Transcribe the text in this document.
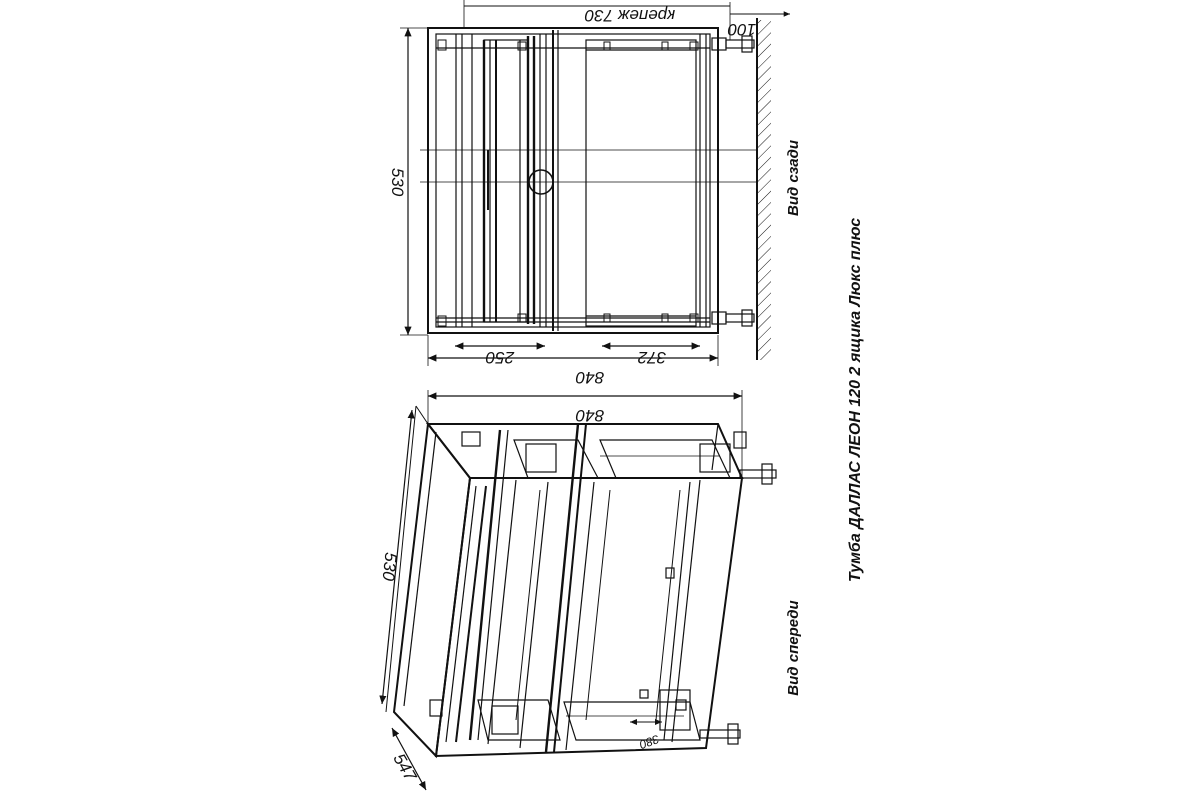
530
840
250	372
крепеж 730
100
Вид сзади
840
530
547
380
Вид спереди
Тумба ДАЛЛАС ЛЕОН 120 2 ящика Люкс плюс
